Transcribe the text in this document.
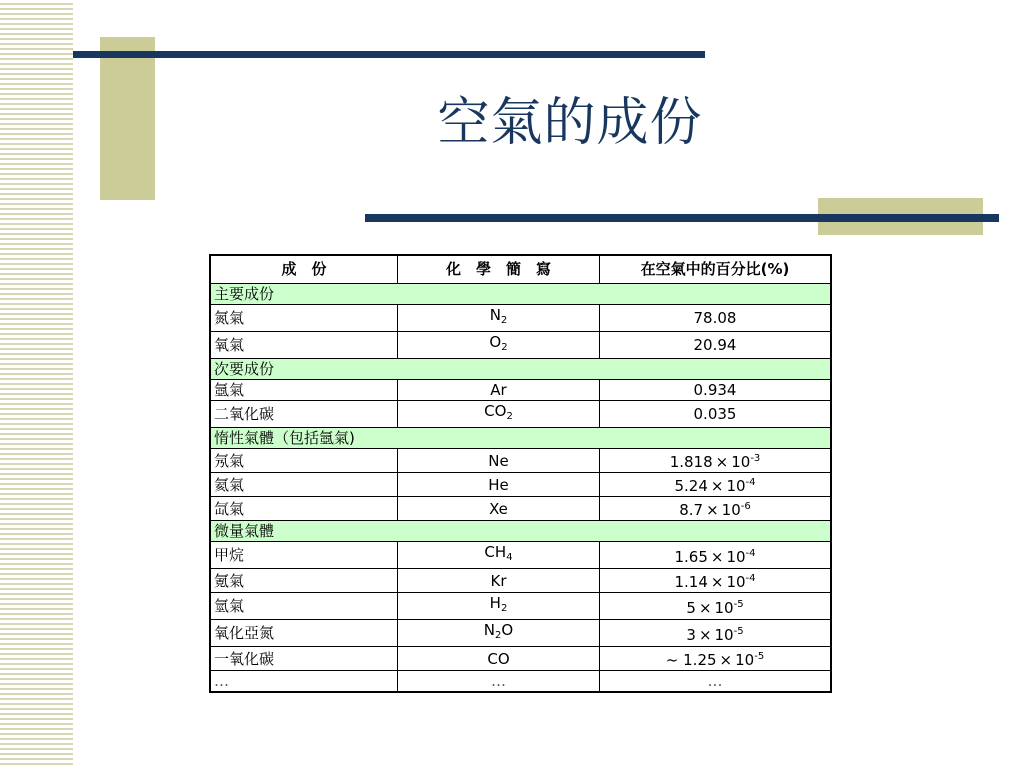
空氣的成份
成　份	化　學　簡　寫	在空氣中的百分比(%)
主要成份		
氮氣	$N_2$	78.08
氧氣	$O_2$	20.94
次要成份		
氬氣	Ar	0.934
二氧化碳	$CO_2$	0.035
惰性氣體（包括氬氣)		
氖氣	Ne	$1.818 \times 10^{-3}$
氦氣	He	$5.24 \times 10^{-4}$
氙氣	Xe	$8.7 \times 10^{-6}$
微量氣體		
甲烷	$CH_4$	$1.65 \times 10^{-4}$
氪氣	Kr	$1.14 \times 10^{-4}$
氫氣	$H_2$	$5 \times 10^{-5}$
氧化亞氮	$N_2O$	$3 \times 10^{-5}$
一氧化碳	CO	~ $1.25 \times 10^{-5}$
…	…	…
